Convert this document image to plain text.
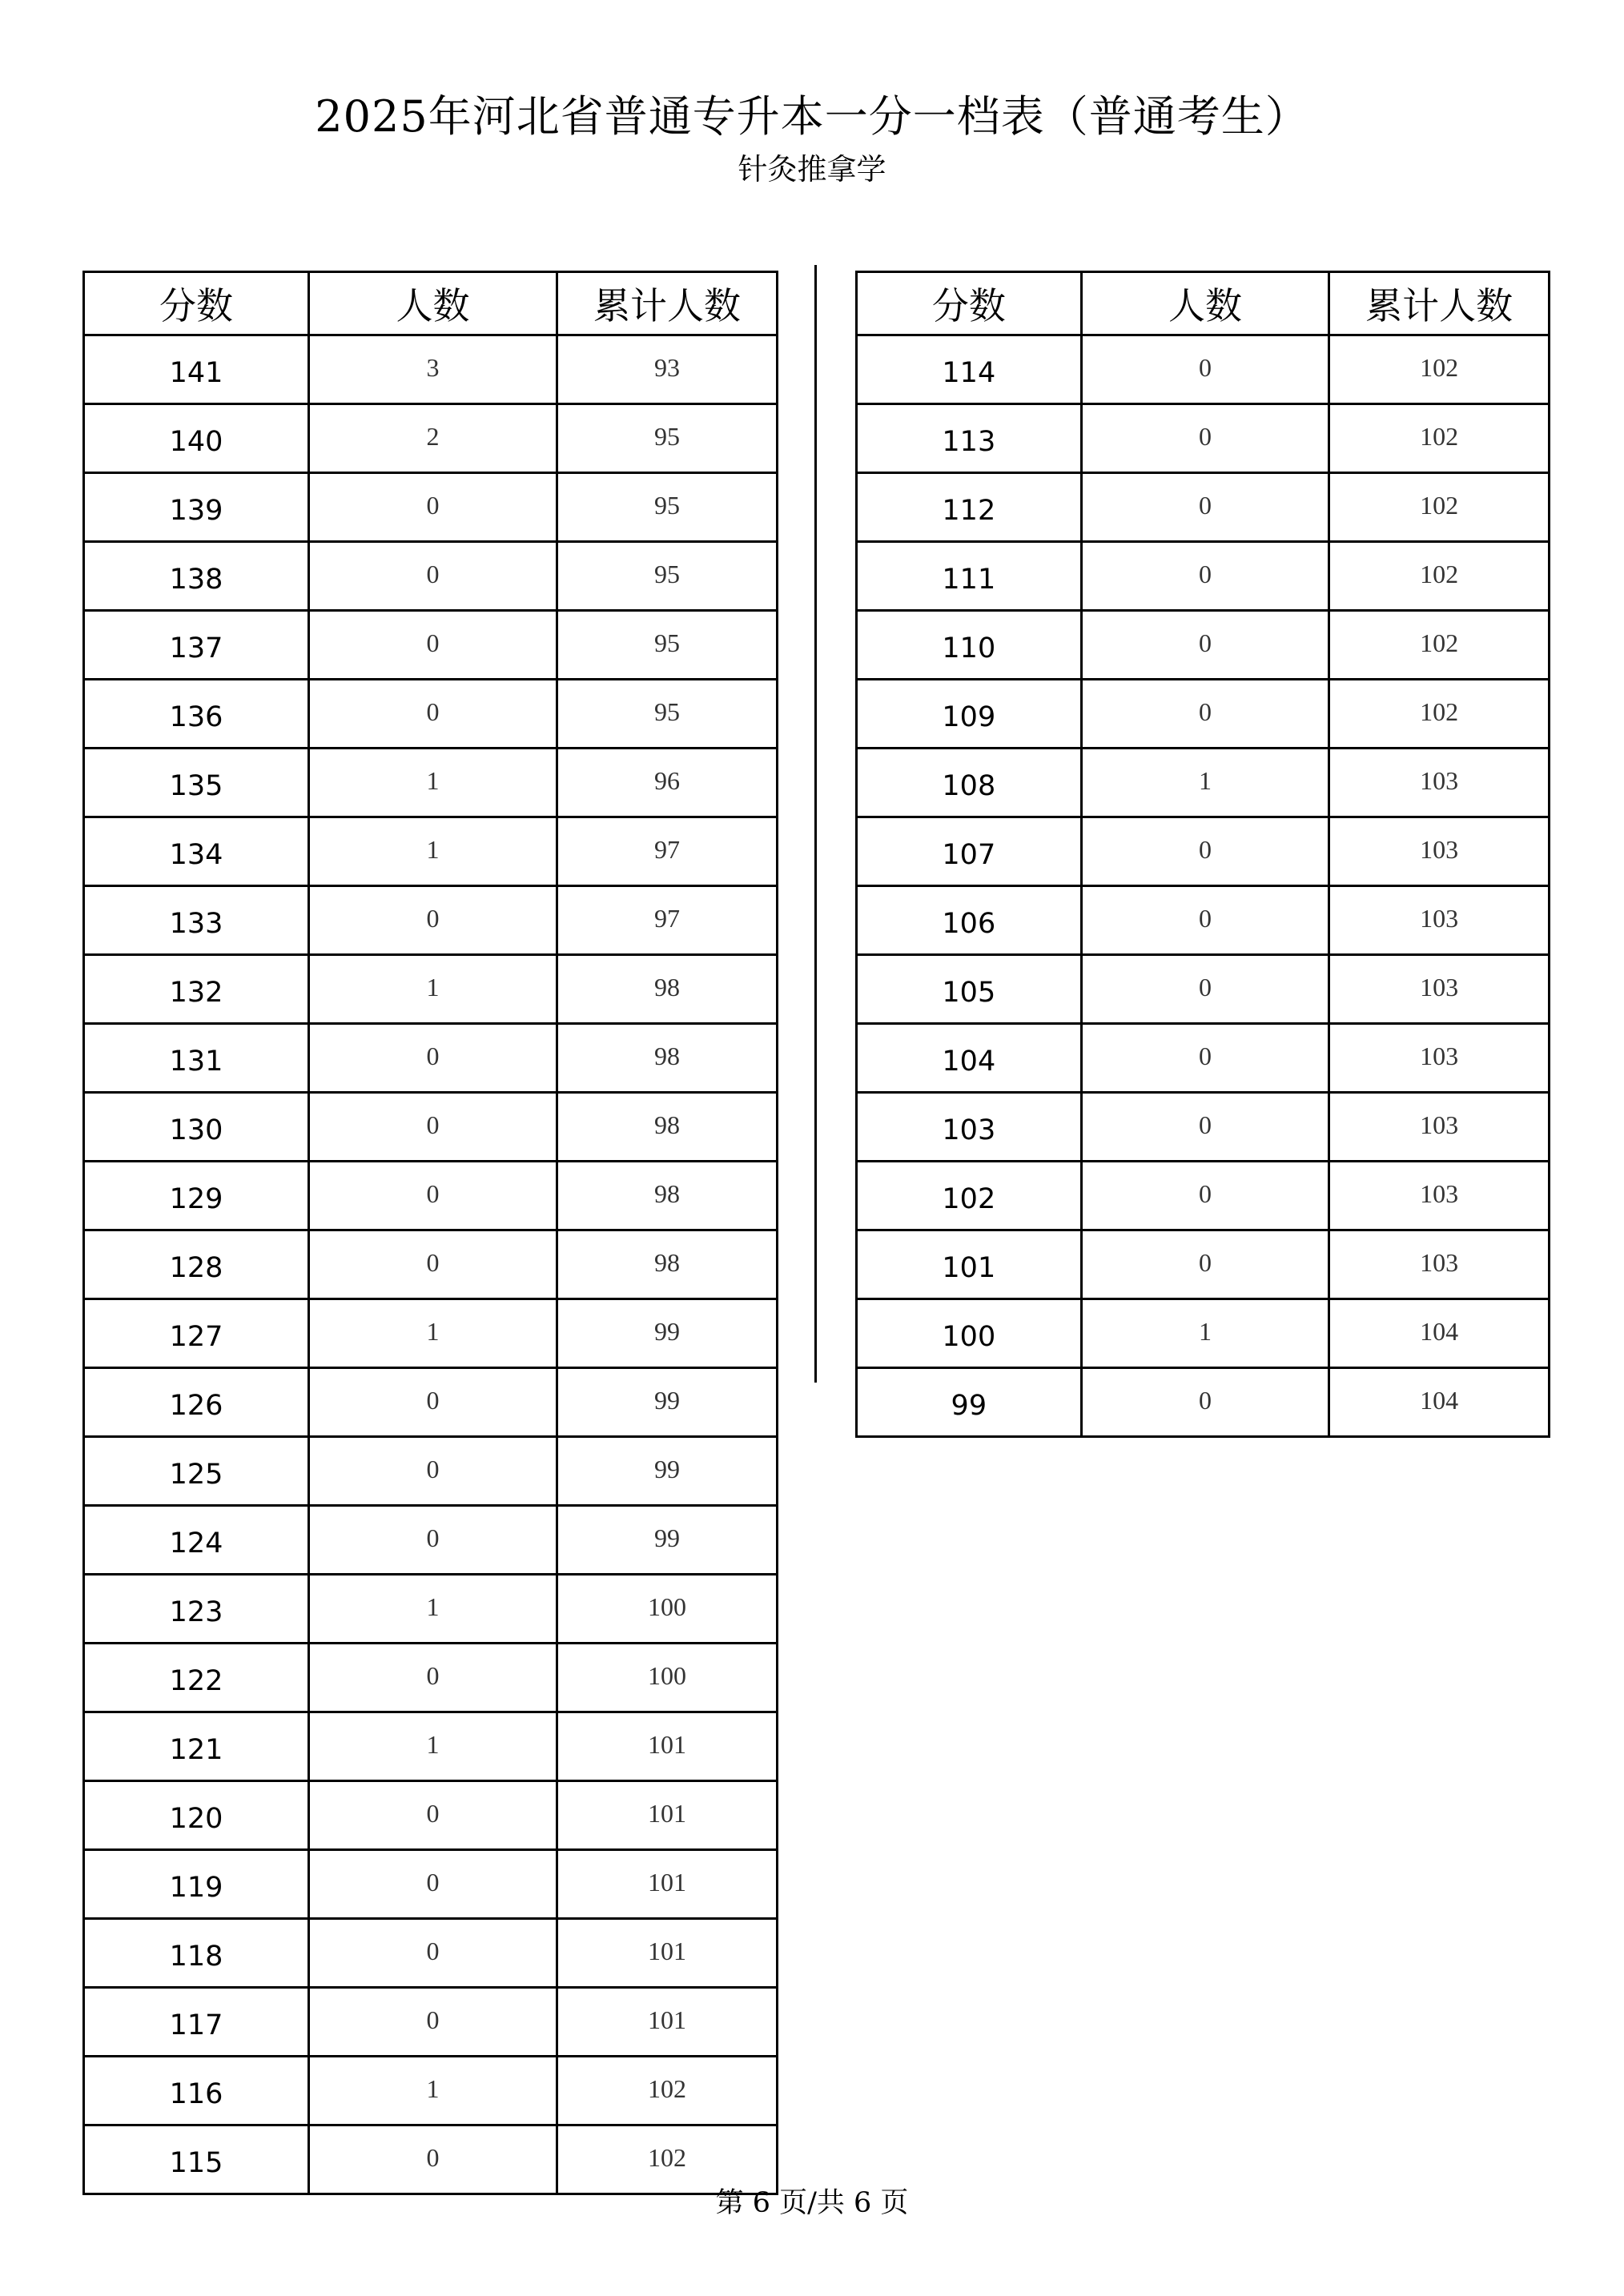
2025年河北省普通专升本一分一档表（普通考生）
针灸推拿学
分数	人数	累计人数
141	3	93
140	2	95
139	0	95
138	0	95
137	0	95
136	0	95
135	1	96
134	1	97
133	0	97
132	1	98
131	0	98
130	0	98
129	0	98
128	0	98
127	1	99
126	0	99
125	0	99
124	0	99
123	1	100
122	0	100
121	1	101
120	0	101
119	0	101
118	0	101
117	0	101
116	1	102
115	0	102
分数	人数	累计人数
114	0	102
113	0	102
112	0	102
111	0	102
110	0	102
109	0	102
108	1	103
107	0	103
106	0	103
105	0	103
104	0	103
103	0	103
102	0	103
101	0	103
100	1	104
99	0	104
第 6 页/共 6 页
